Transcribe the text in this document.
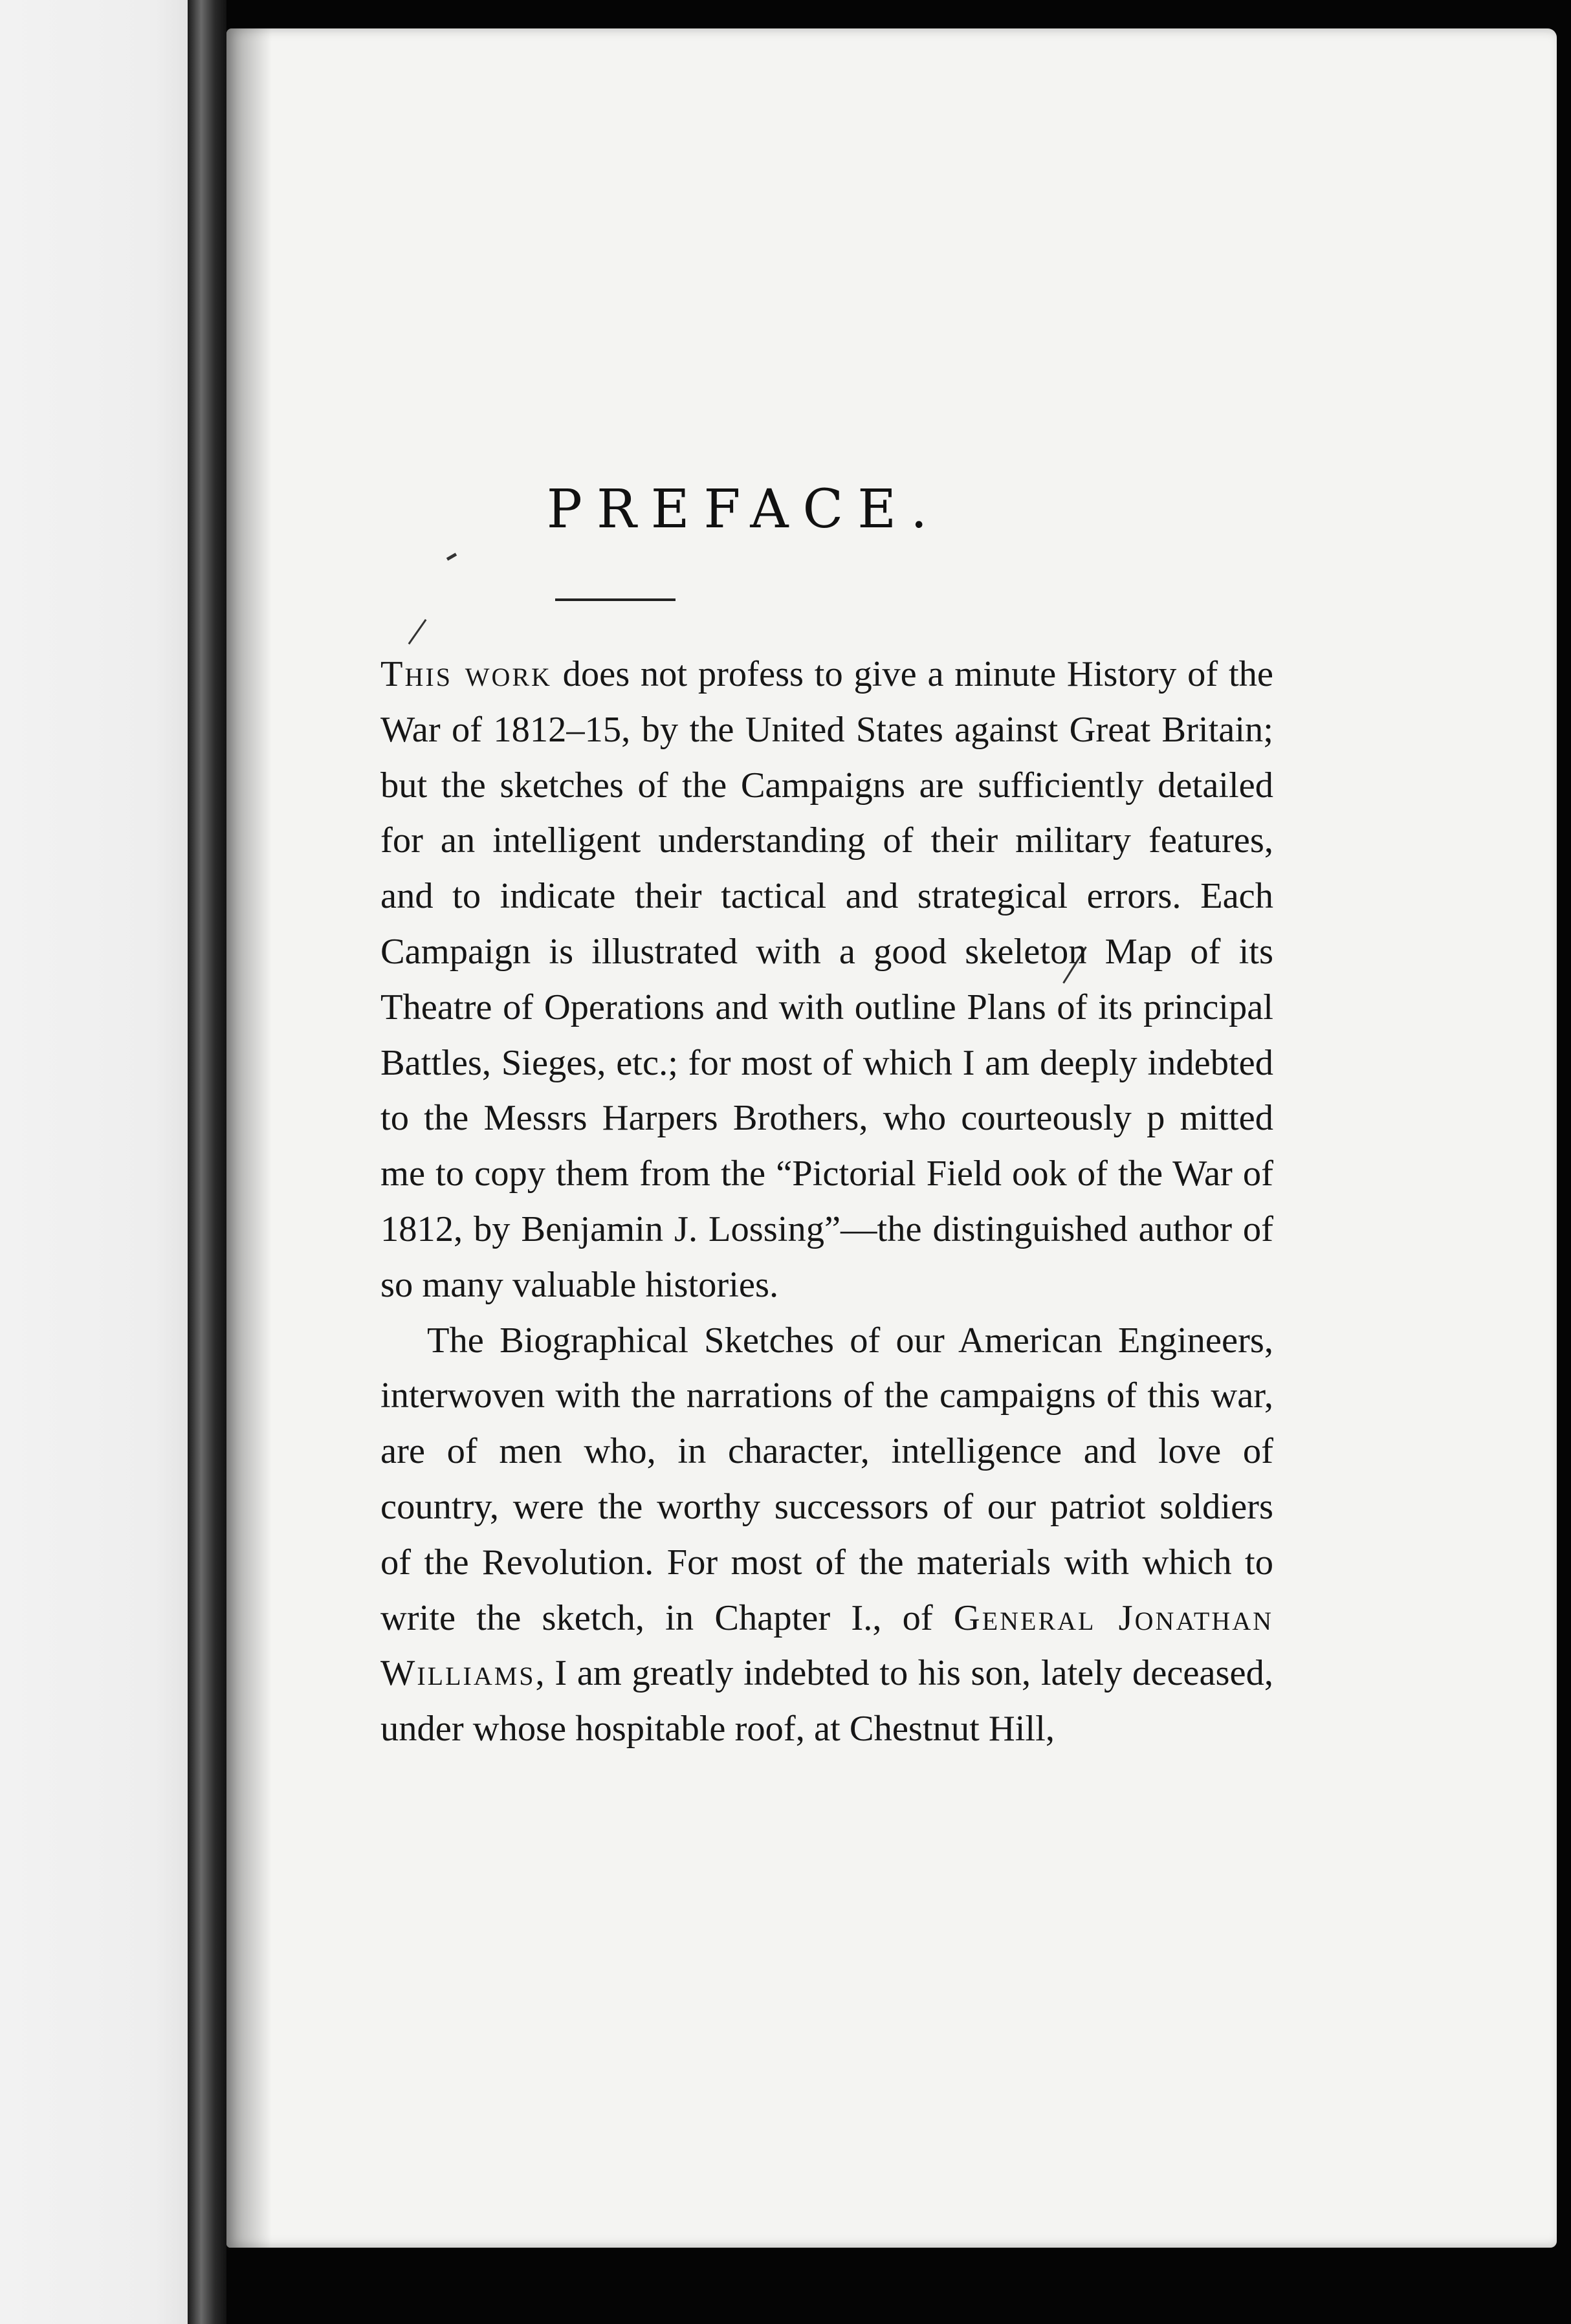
PREFACE.

This work does not profess to give a minute History of the War of 1812–15, by the United States against Great Britain; but the sketches of the Campaigns are sufficiently detailed for an intelligent understanding of their military features, and to indicate their tactical and strategical errors. Each Campaign is illustrated with a good skeleton Map of its Theatre of Operations and with outline Plans of its principal Battles, Sieges, etc.; for most of which I am deeply indebted to the Messrs Harpers Brothers, who courteously p mitted me to copy them from the “Pictorial Field ook of the War of 1812, by Benjamin J. Lossing”—the distinguished author of so many valuable histories.

The Biographical Sketches of our American Engineers, interwoven with the narrations of the campaigns of this war, are of men who, in character, intelligence and love of country, were the worthy successors of our patriot soldiers of the Revolution. For most of the materials with which to write the sketch, in Chapter I., of General Jonathan Williams, I am greatly indebted to his son, lately deceased, under whose hospitable roof, at Chestnut Hill,
